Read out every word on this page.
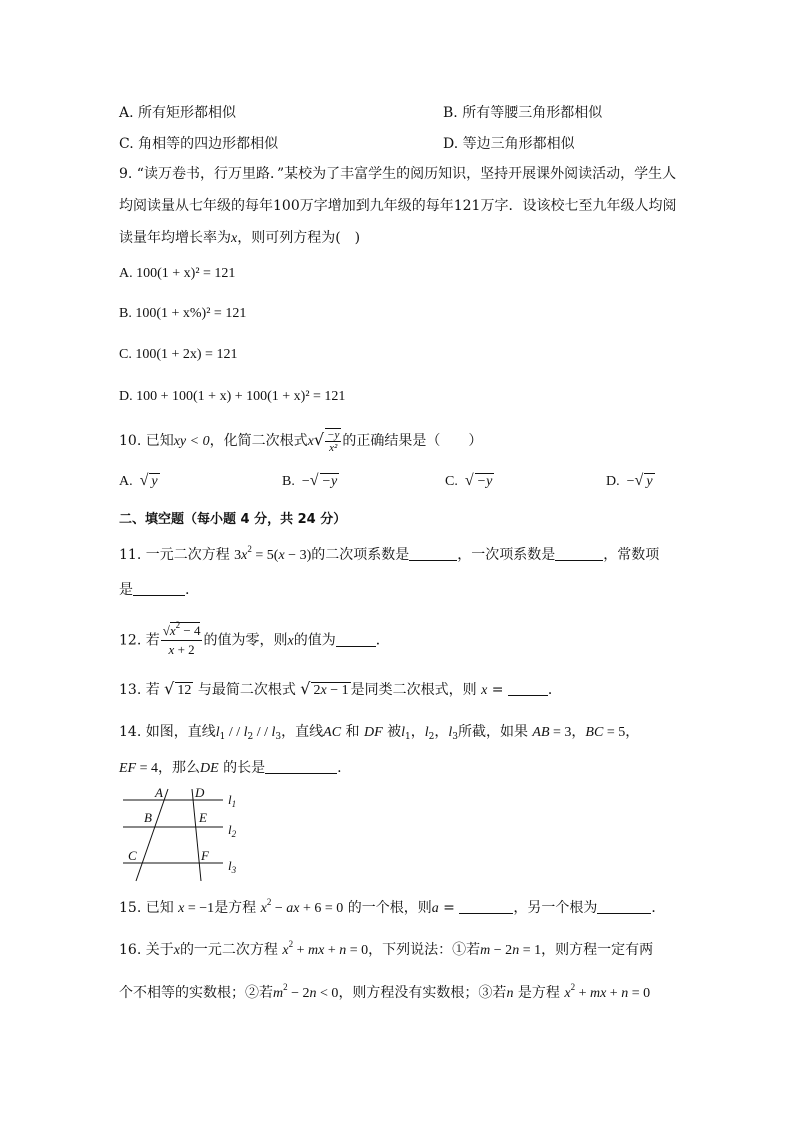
A. 所有矩形都相似	B. 所有等腰三角形都相似
C. 角相等的四边形都相似	D. 等边三角形都相似
9. “读万卷书，行万里路．”某校为了丰富学生的阅历知识，坚持开展课外阅读活动，学生人
均阅读量从七年级的每年100万字增加到九年级的每年121万字．设该校七至九年级人均阅
读量年均增长率为x，则可列方程为(　)
A. 100(1 + x)² = 121
B. 100(1 + x%)² = 121
C. 100(1 + 2x) = 121
D. 100 + 100(1 + x) + 100(1 + x)² = 121
10. 已知xy < 0，化简二次根式$x√ \frac{-y}{\text{x²}}$ 的正确结果是（　　）
A. √ y	B.  −√ −y	C. √ −y	D.  −√ y
二、填空题（每小题 4 分，共 24 分）
11. 一元二次方程 $3x^2 = 5(x - 3)$的二次项系数是	，一次项系数是	，常数项
是	.
12. 若 $\frac{√x^2 - 4}{x + 2}$ 的值为零，则x的值为	．
13. 若 √ 12 与最简二次根式 √ 2x − 1 是同类二次根式，则 x =	．
14. 如图，直线$l_1$ / / $l_2$ / / $l_3$，直线AC 和 DF 被$l_1$，$l_2$，$l_3$所截，如果 AB = 3，BC = 5，
EF = 4，那么DE 的长是	.
A D
B	E
C	F
$l_1$
$l_2$
$l_3$
15. 已知 x = −1是方程 $x^2$ − ax + 6 = 0 的一个根，则a =	，另一个根为	．
16. 关于x的一元二次方程 $x^2$ + mx + n = 0，下列说法：①若m − 2n = 1，则方程一定有两
个不相等的实数根；②若$m^2 - 2n < 0$，则方程没有实数根；③若n 是方程 $x^2$ + mx + n = 0
